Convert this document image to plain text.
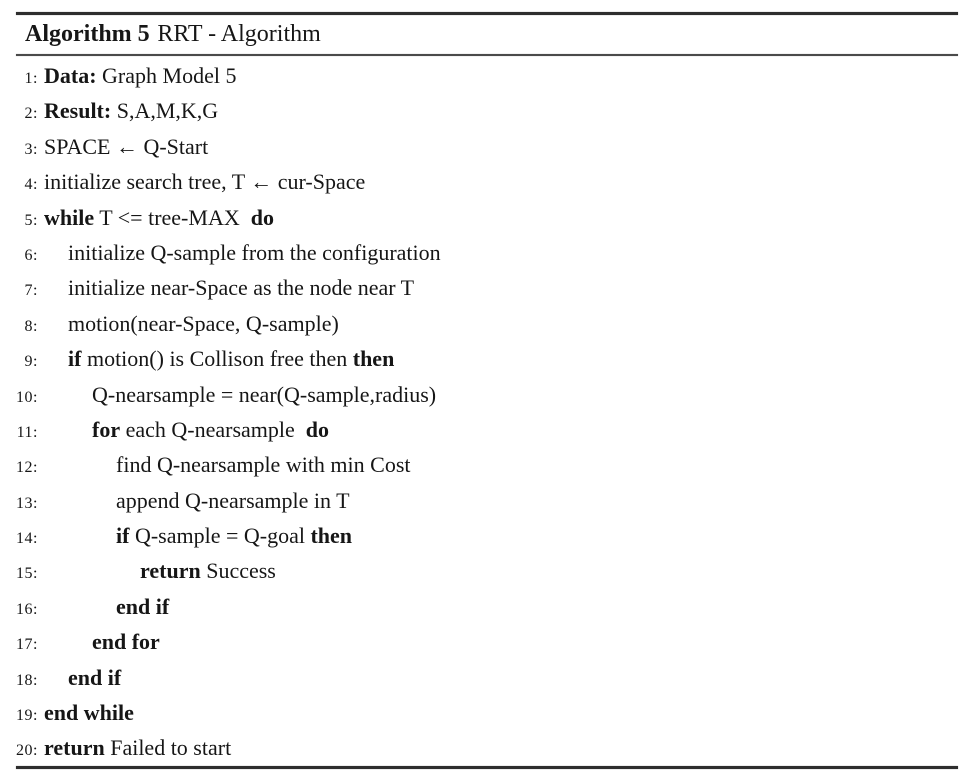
Algorithm 5 RRT - Algorithm
1: Data: Graph Model 5
2: Result: S,A,M,K,G
3: SPACE ← Q-Start
4: initialize search tree, T ← cur-Space
5: while T <= tree-MAX  do
6: initialize Q-sample from the configuration
7: initialize near-Space as the node near T
8: motion(near-Space, Q-sample)
9: if motion() is Collison free then then
10: Q-nearsample = near(Q-sample,radius)
11: for each Q-nearsample  do
12:	find Q-nearsample with min Cost
13:	append Q-nearsample in T
14:	if Q-sample = Q-goal then
15:	return Success
16:	end if
17: end for
18: end if
19: end while
20: return Failed to start
